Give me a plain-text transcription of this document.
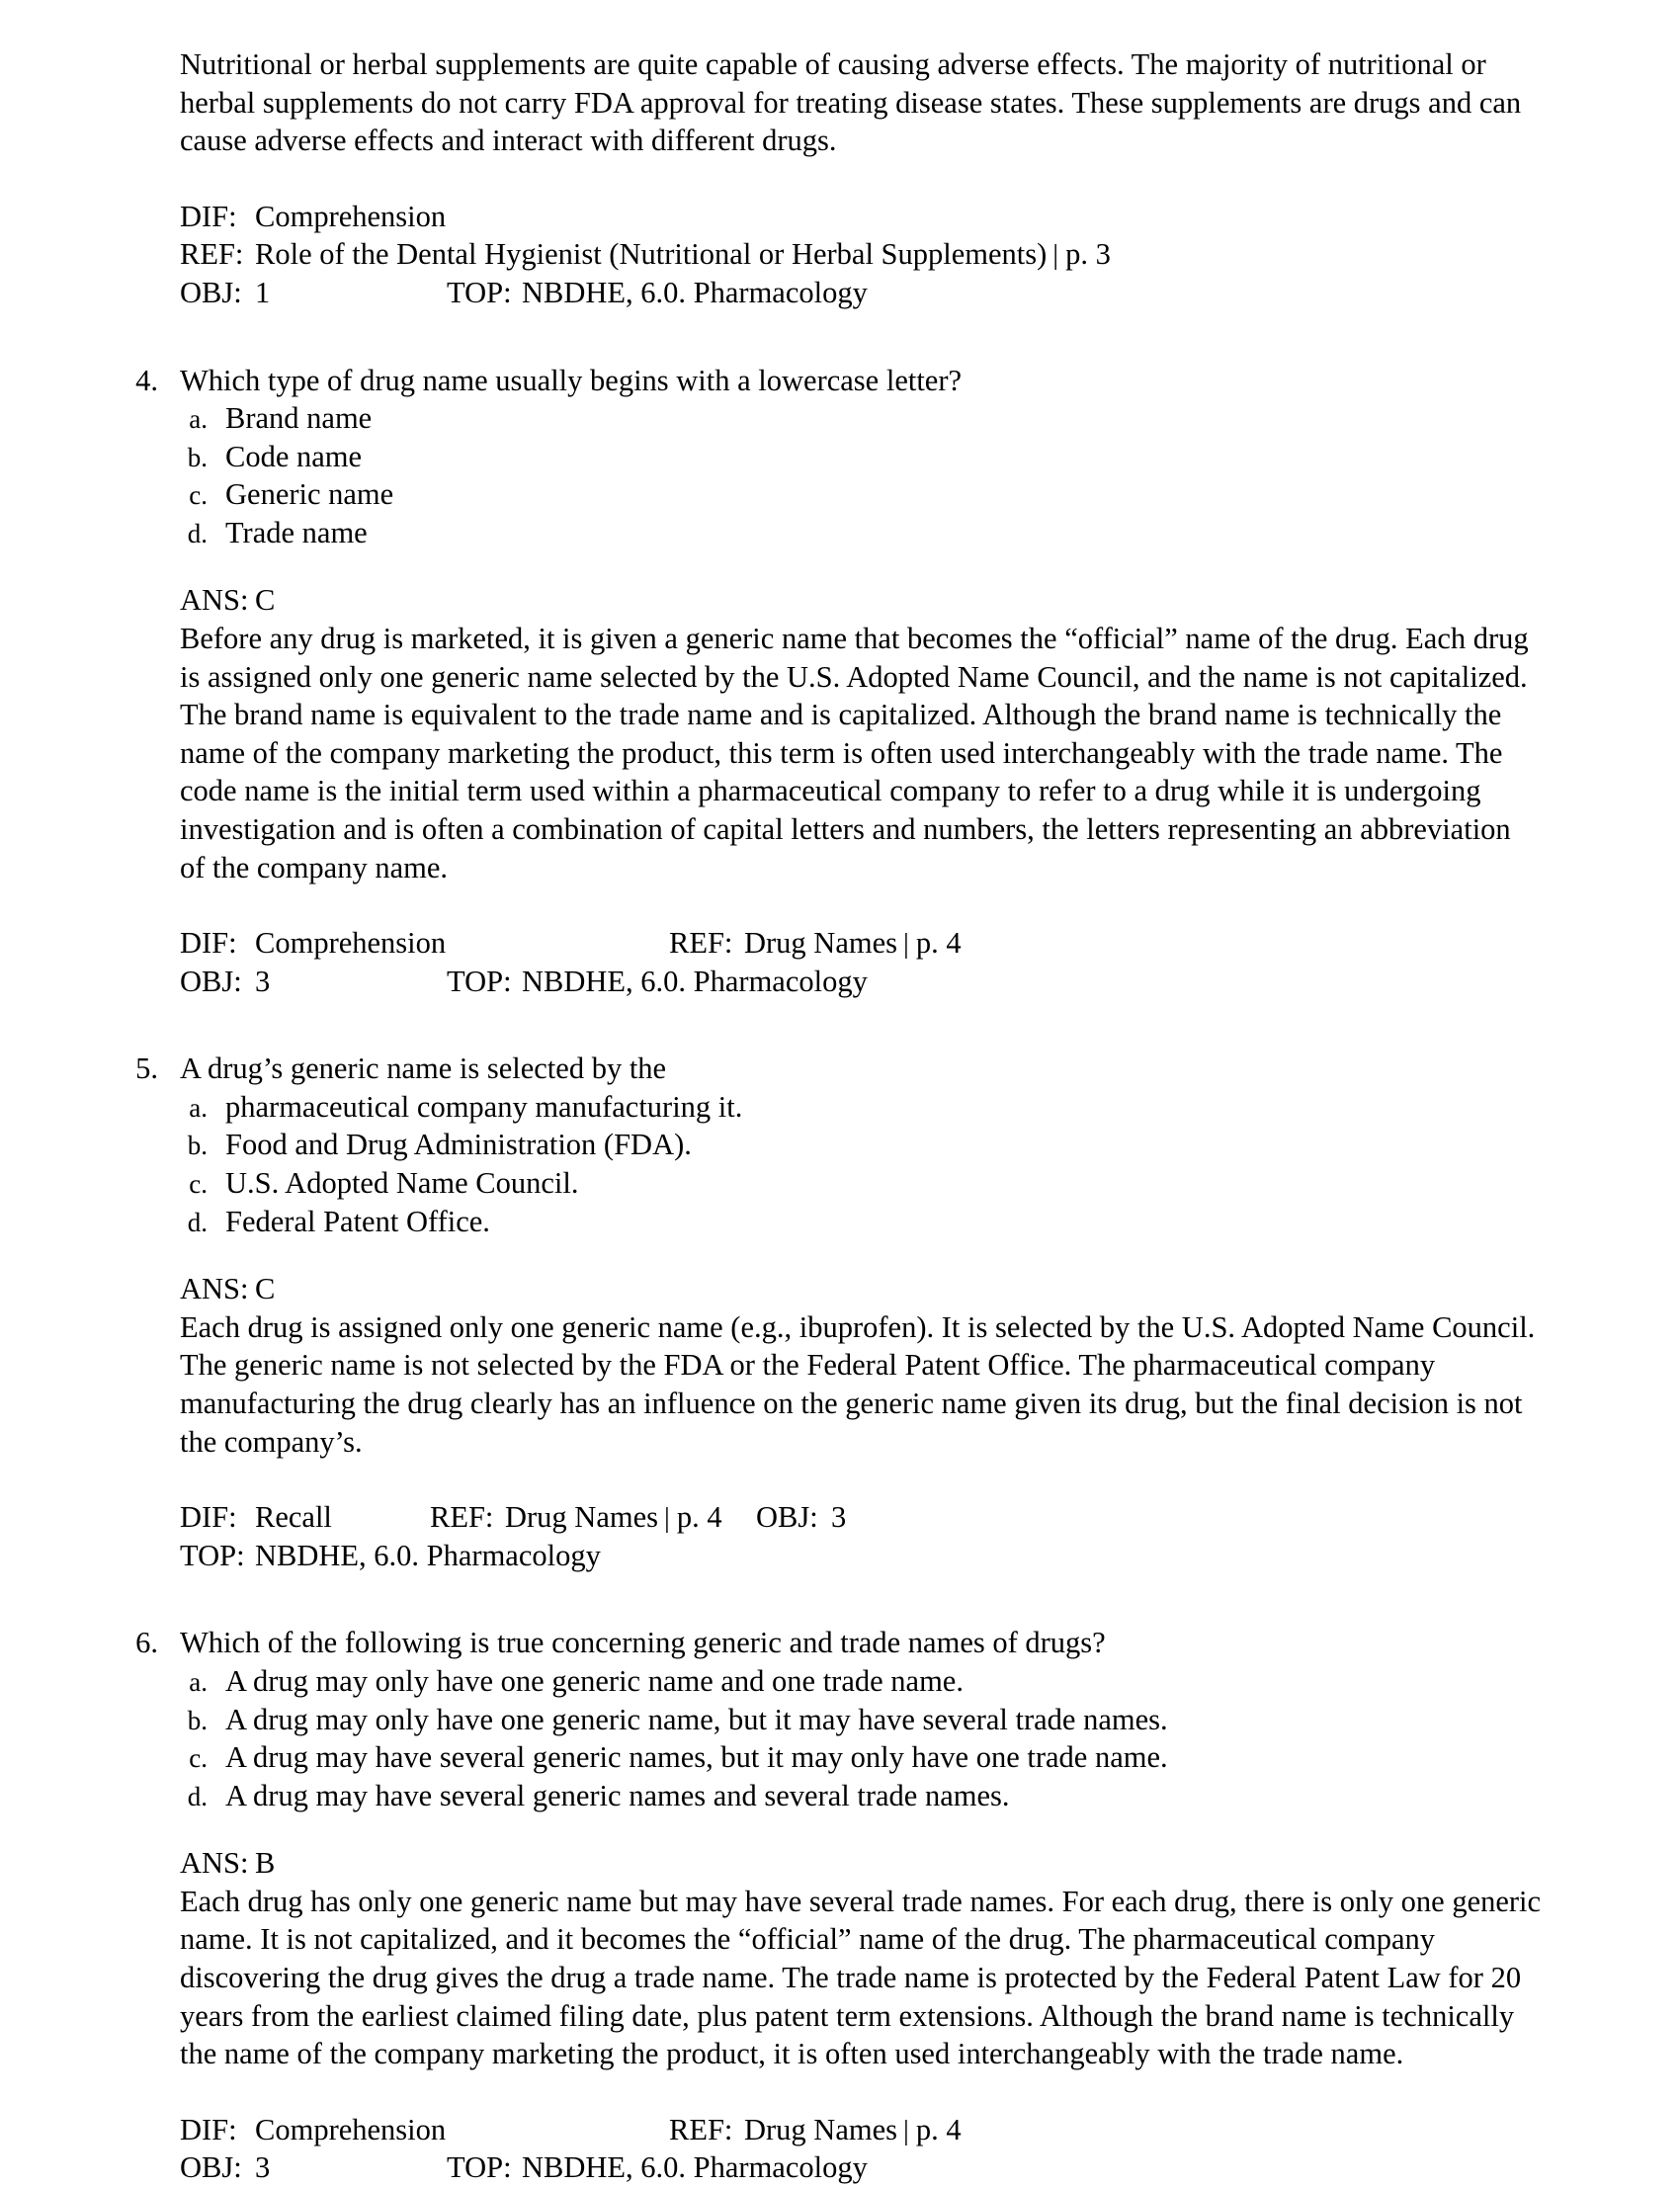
Nutritional or herbal supplements are quite capable of causing adverse effects. The majority of nutritional or herbal supplements do not carry FDA approval for treating disease states. These supplements are drugs and can cause adverse effects and interact with different drugs.

DIF: Comprehension
REF: Role of the Dental Hygienist (Nutritional or Herbal Supplements) | p. 3
OBJ: 1	TOP: NBDHE, 6.0. Pharmacology
4. Which type of drug name usually begins with a lowercase letter?
a. Brand name
b. Code name
c. Generic name
d. Trade name
ANS: C

Before any drug is marketed, it is given a generic name that becomes the “official” name of the drug. Each drug is assigned only one generic name selected by the U.S. Adopted Name Council, and the name is not capitalized. The brand name is equivalent to the trade name and is capitalized. Although the brand name is technically the name of the company marketing the product, this term is often used interchangeably with the trade name. The code name is the initial term used within a pharmaceutical company to refer to a drug while it is undergoing investigation and is often a combination of capital letters and numbers, the letters representing an abbreviation of the company name.

DIF: Comprehension	REF: Drug Names | p. 4
OBJ: 3	TOP: NBDHE, 6.0. Pharmacology
5. A drug’s generic name is selected by the
a. pharmaceutical company manufacturing it.
b. Food and Drug Administration (FDA).
c. U.S. Adopted Name Council.
d. Federal Patent Office.
ANS: C

Each drug is assigned only one generic name (e.g., ibuprofen). It is selected by the U.S. Adopted Name Council. The generic name is not selected by the FDA or the Federal Patent Office. The pharmaceutical company manufacturing the drug clearly has an influence on the generic name given its drug, but the final decision is not the company’s.

DIF: Recall	REF: Drug Names | p. 4 OBJ: 3
TOP: NBDHE, 6.0. Pharmacology
6. Which of the following is true concerning generic and trade names of drugs?
a. A drug may only have one generic name and one trade name.
b. A drug may only have one generic name, but it may have several trade names.
c. A drug may have several generic names, but it may only have one trade name.
d. A drug may have several generic names and several trade names.
ANS: B

Each drug has only one generic name but may have several trade names. For each drug, there is only one generic name. It is not capitalized, and it becomes the “official” name of the drug. The pharmaceutical company discovering the drug gives the drug a trade name. The trade name is protected by the Federal Patent Law for 20 years from the earliest claimed filing date, plus patent term extensions. Although the brand name is technically the name of the company marketing the product, it is often used interchangeably with the trade name.

DIF: Comprehension	REF: Drug Names | p. 4
OBJ: 3	TOP: NBDHE, 6.0. Pharmacology
